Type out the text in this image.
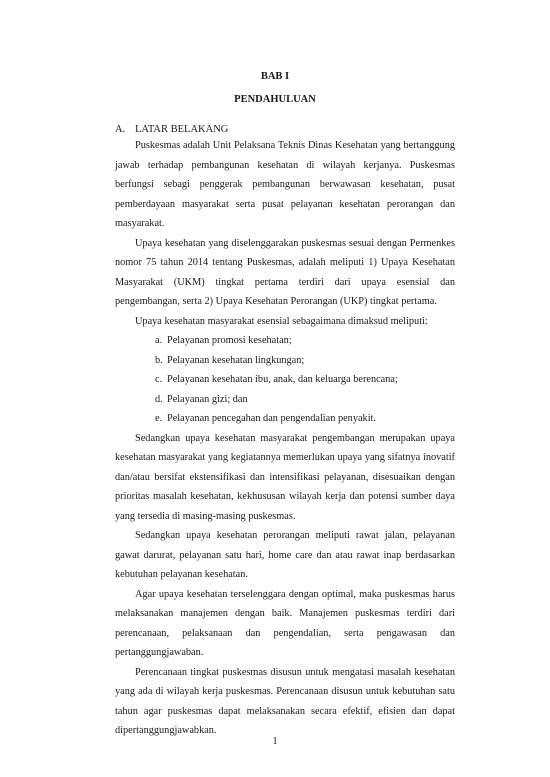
BAB I
PENDAHULUAN
A. LATAR BELAKANG

Puskesmas adalah Unit Pelaksana Teknis Dinas Kesehatan yang bertanggung jawab terhadap pembangunan kesehatan di wilayah kerjanya. Puskesmas berfungsi sebagi penggerak pembangunan berwawasan kesehatan, pusat pemberdayaan masyarakat serta pusat pelayanan kesehatan perorangan dan masyarakat.

Upaya kesehatan yang diselenggarakan puskesmas sesuai dengan Permenkes nomor 75 tahun 2014 tentang Puskesmas, adalah meliputi 1) Upaya Kesehatan Masyarakat (UKM) tingkat pertama terdiri dari upaya esensial dan pengembangan, serta 2) Upaya Kesehatan Perorangan (UKP) tingkat pertama.

Upaya kesehatan masyarakat esensial sebagaimana dimaksud meliputi:

a. Pelayanan promosi kesehatan;
b. Pelayanan kesehatan lingkungan;
c. Pelayanan kesehatan ibu, anak, dan keluarga berencana;
d. Pelayanan gizi; dan
e. Pelayanan pencegahan dan pengendalian penyakit.

Sedangkan upaya kesehatan masyarakat pengembangan merupakan upaya kesehatan masyarakat yang kegiatannya memerlukan upaya yang sifatnya inovatif dan/atau bersifat ekstensifikasi dan intensifikasi pelayanan, disesuaikan dengan prioritas masalah kesehatan, kekhususan wilayah kerja dan potensi sumber daya yang tersedia di masing-masing puskesmas.

Sedangkan upaya kesehatan perorangan meliputi rawat jalan, pelayanan gawat darurat, pelayanan satu hari, home care dan atau rawat inap berdasarkan kebutuhan pelayanan kesehatan.

Agar upaya kesehatan terselenggara dengan optimal, maka puskesmas harus melaksanakan manajemen dengan baik. Manajemen puskesmas terdiri dari perencanaan, pelaksanaan dan pengendalian, serta pengawasan dan pertanggungjawaban.

Perencanaan tingkat puskesmas disusun untuk mengatasi masalah kesehatan yang ada di wilayah kerja puskesmas. Perencanaan disusun untuk kebutuhan satu tahun agar puskesmas dapat melaksanakan secara efektif, efisien dan dapat dipertanggungjawabkan.

1
